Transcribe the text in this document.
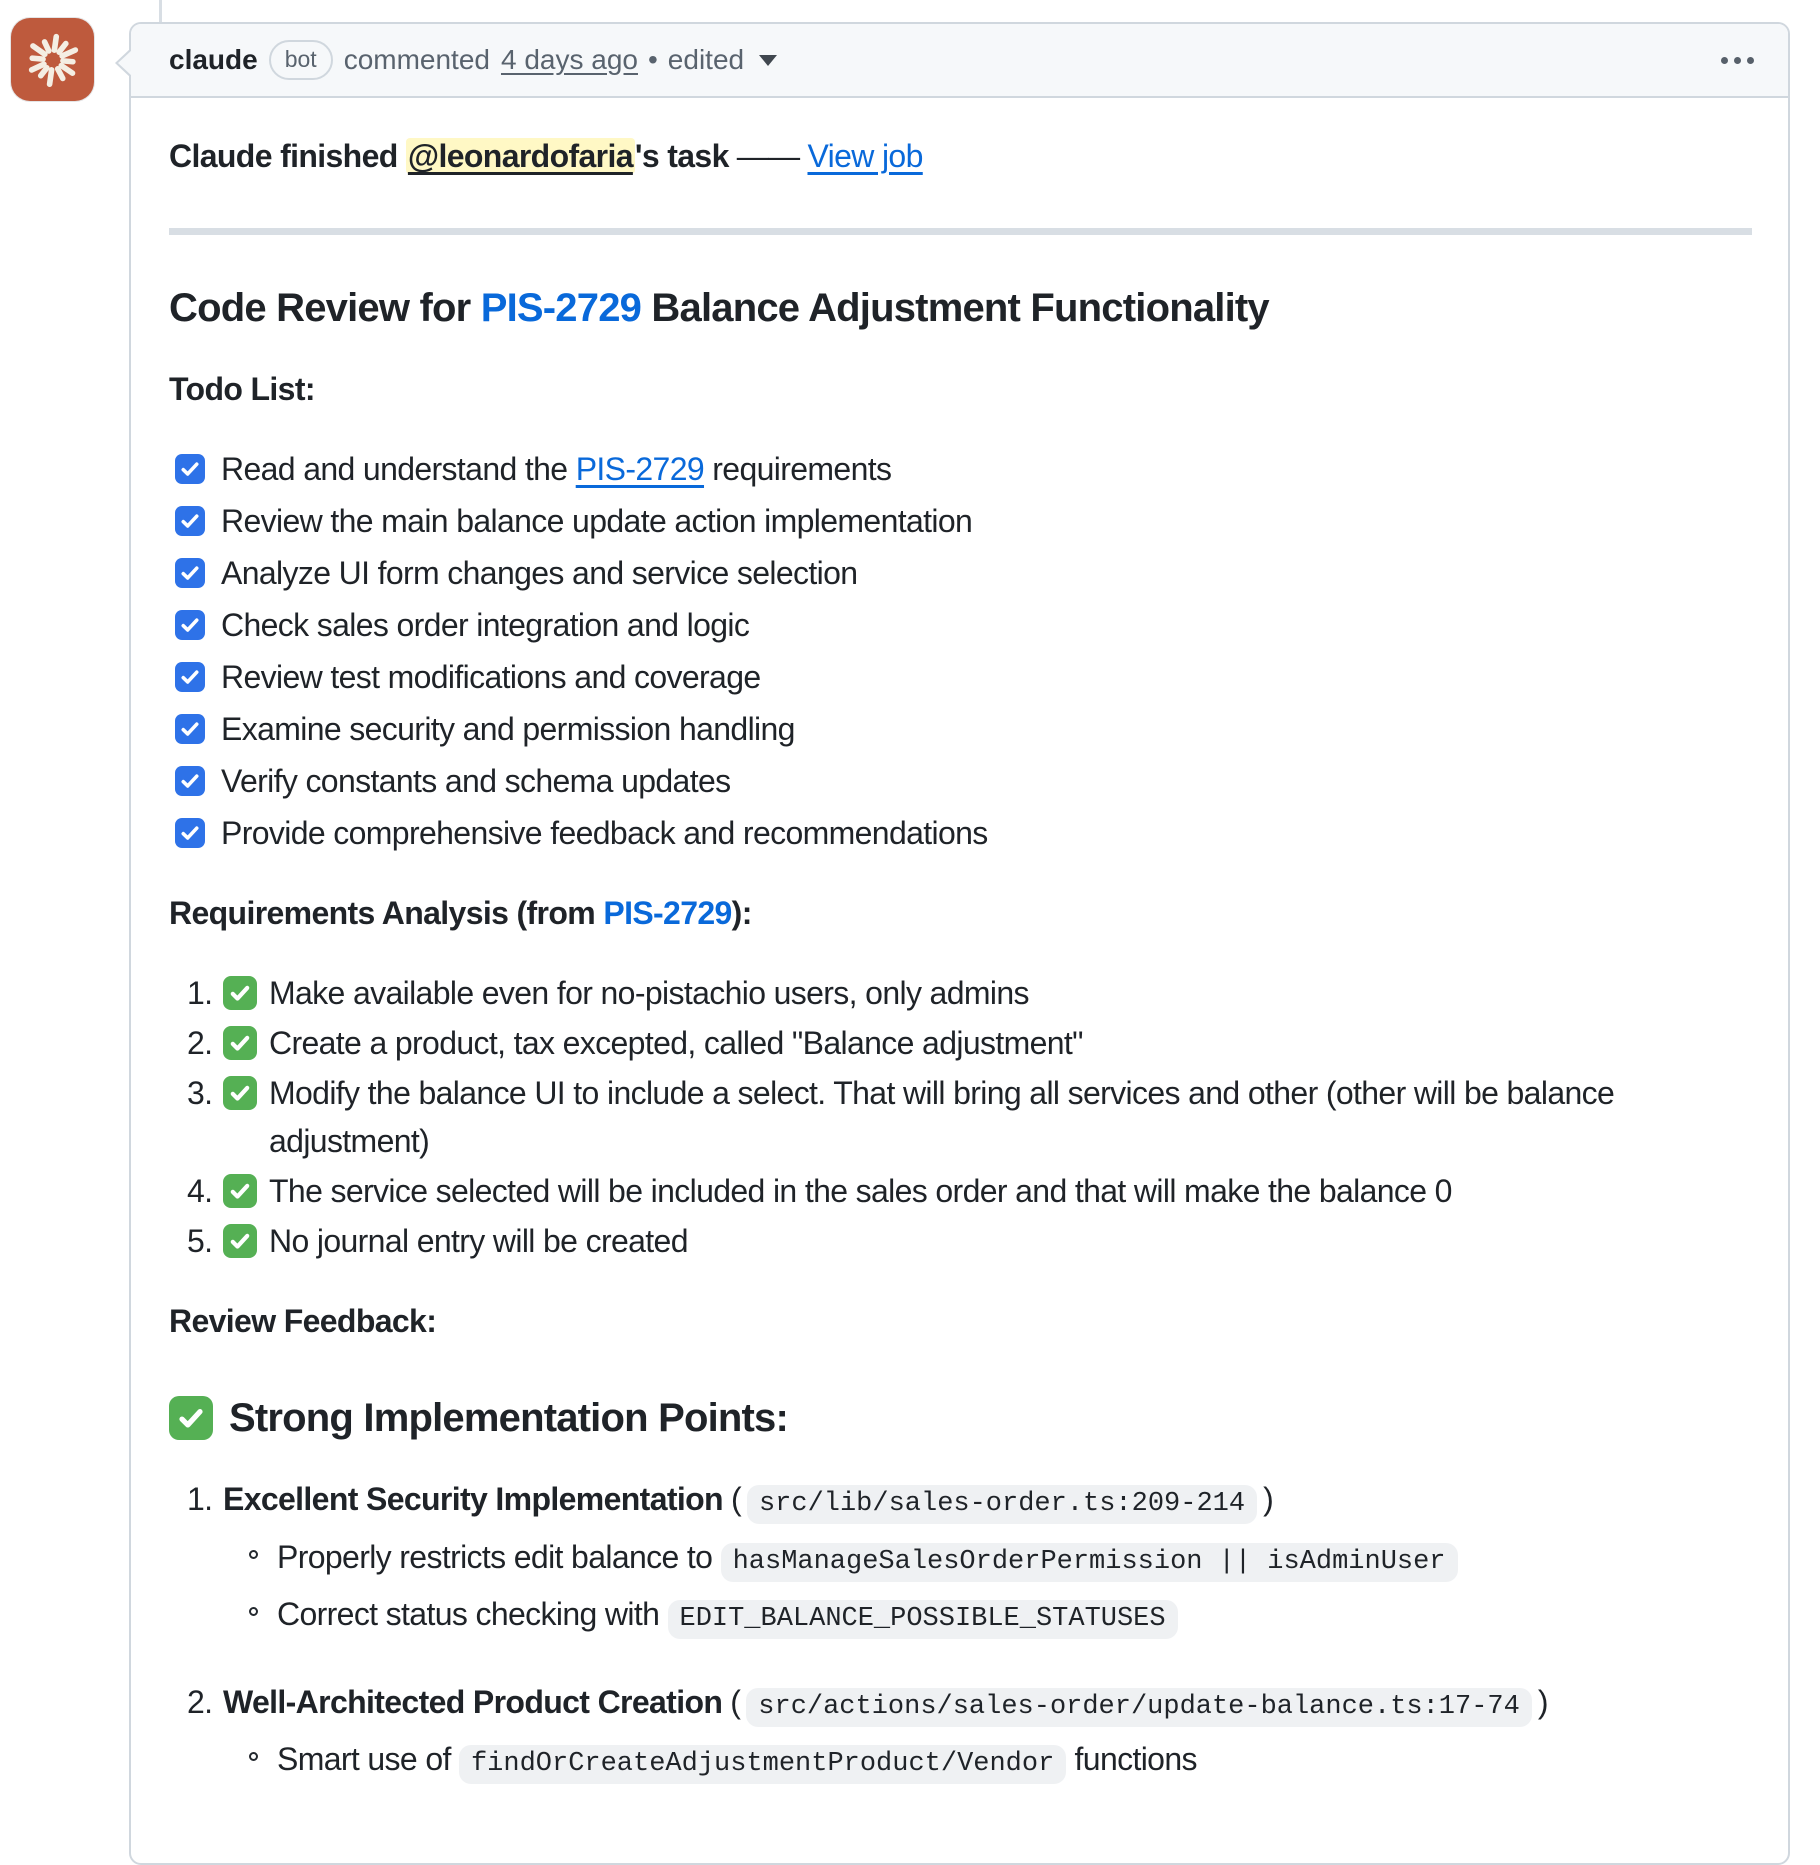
claude	bot commented 4 days ago • edited

Claude finished @leonardofaria's task —— View job

Code Review for PIS-2729 Balance Adjustment Functionality

Todo List:

Read and understand the PIS-2729 requirements
Review the main balance update action implementation
Analyze UI form changes and service selection
Check sales order integration and logic
Review test modifications and coverage
Examine security and permission handling
Verify constants and schema updates
Provide comprehensive feedback and recommendations

Requirements Analysis (from PIS-2729):

1.	Make available even for no-pistachio users, only admins
2.	Create a product, tax excepted, called "Balance adjustment"
3.	Modify the balance UI to include a select. That will bring all services and other (other will be balance adjustment)
4.	The service selected will be included in the sales order and that will make the balance 0
5.	No journal entry will be created

Review Feedback:

Strong Implementation Points:
1. Excellent Security Implementation ( src/lib/sales-order.ts:209-214 )
Properly restricts edit balance to hasManageSalesOrderPermission || isAdminUser
Correct status checking with EDIT_BALANCE_POSSIBLE_STATUSES
2. Well-Architected Product Creation ( src/actions/sales-order/update-balance.ts:17-74 )
Smart use of findOrCreateAdjustmentProduct/Vendor functions
